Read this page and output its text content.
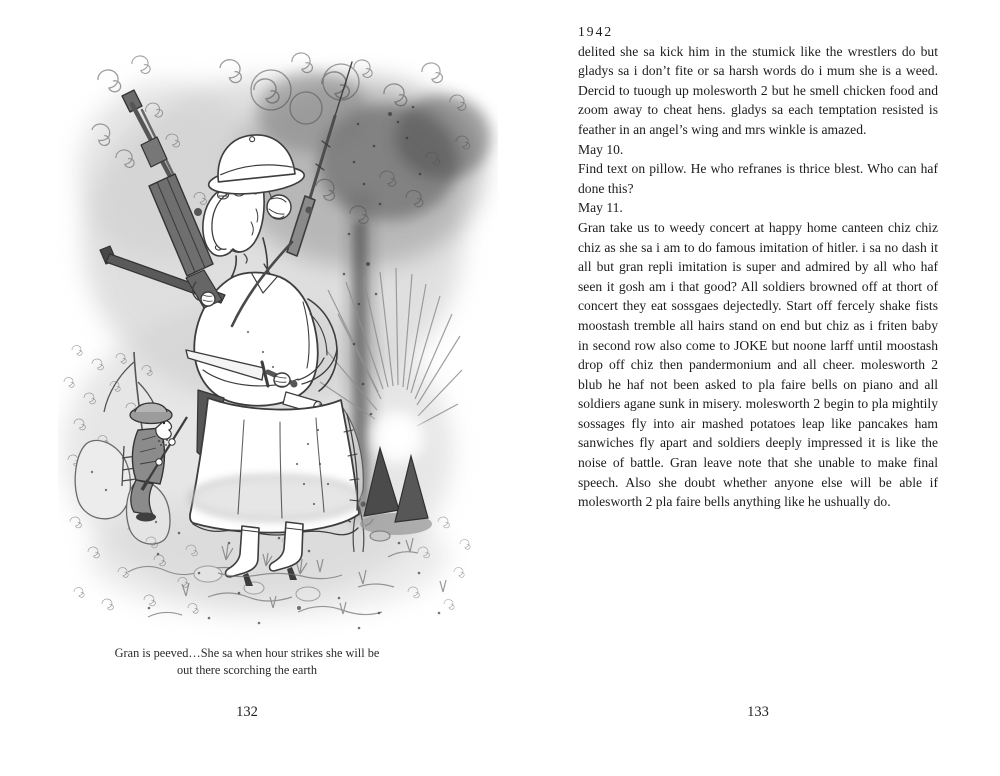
Gran is peeved…She sa when hour strikes she will be
out there scorching the earth
132
1942

delited she sa kick him in the stumick like the wrestlers do but gladys sa i don’t fite or sa harsh words do i mum she is a weed. Dercid to tuough up molesworth 2 but he smell chicken food and zoom away to cheat hens. gladys sa each temptation resisted is feather in an angel’s wing and mrs winkle is amazed.

May 10.

Find text on pillow. He who refranes is thrice blest. Who can haf done this?

May 11.

Gran take us to weedy concert at happy home canteen chiz chiz chiz as she sa i am to do famous imitation of hitler. i sa no dash it all but gran repli imitation is super and admired by all who haf seen it gosh am i that good? All soldiers browned off at thort of concert they eat sossgaes dejectedly. Start off fercely shake fists moostash tremble all hairs stand on end but chiz as i friten baby in second row also come to JOKE but noone larff until moostash drop off chiz then pandermonium and all cheer. molesworth 2 blub he haf not been asked to pla faire bells on piano and all soldiers agane sunk in misery. molesworth 2 begin to pla mightily sossages fly into air mashed potatoes leap like pancakes ham sanwiches fly apart and soldiers deeply impressed it is like the noise of battle. Gran leave note that she unable to make final speech. Also she doubt whether anyone else will be able if molesworth 2 pla faire bells anything like he ushually do.

133
